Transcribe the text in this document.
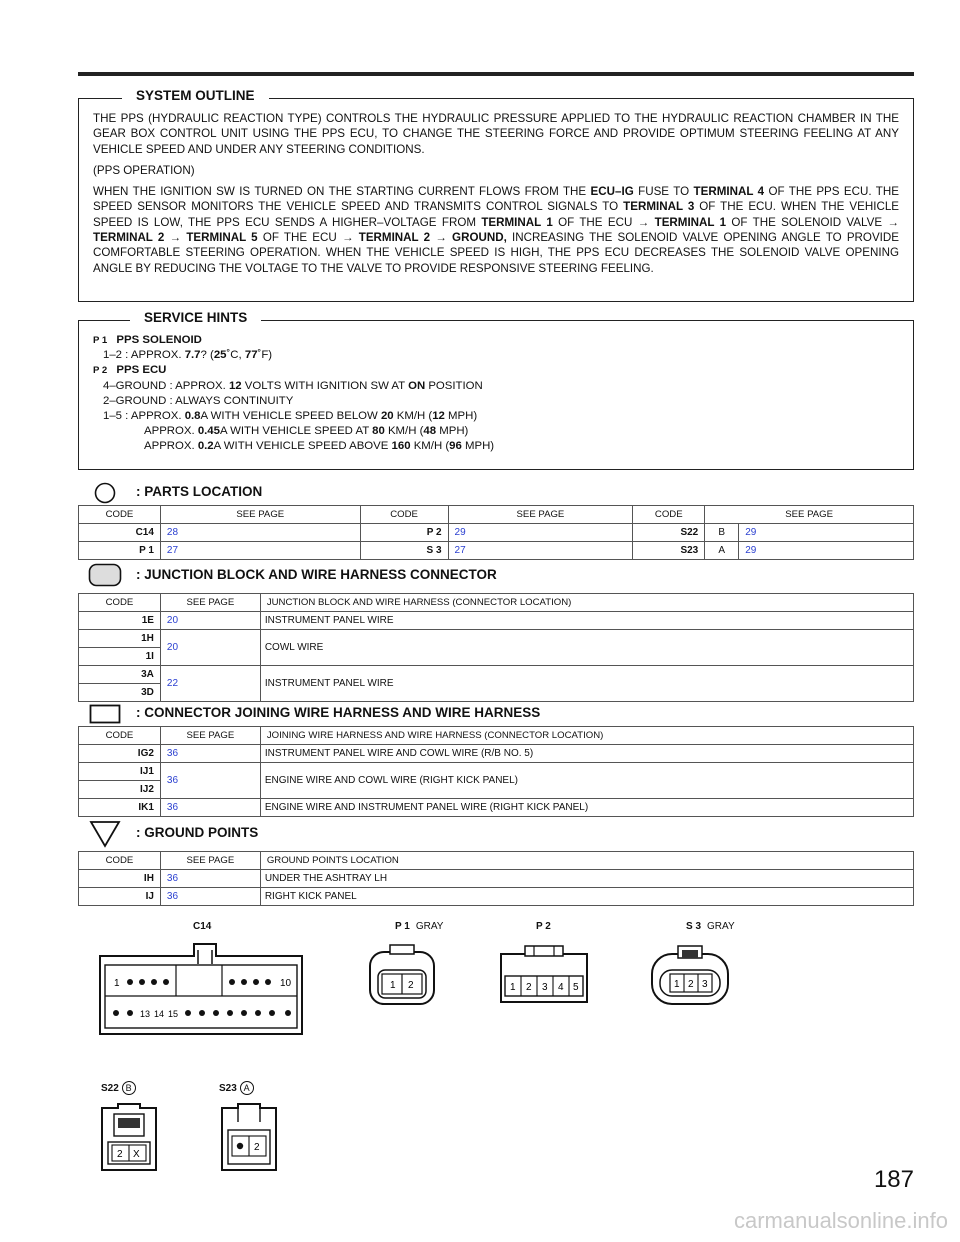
SYSTEM OUTLINE

THE PPS (HYDRAULIC REACTION TYPE) CONTROLS THE HYDRAULIC PRESSURE APPLIED TO THE HYDRAULIC REACTION CHAMBER IN THE GEAR BOX CONTROL UNIT USING THE PPS ECU, TO CHANGE THE STEERING FORCE AND PROVIDE OPTIMUM STEERING FEELING AT ANY VEHICLE SPEED AND UNDER ANY STEERING CONDITIONS.

(PPS OPERATION)

WHEN THE IGNITION SW IS TURNED ON THE STARTING CURRENT FLOWS FROM THE ECU–IG FUSE TO TERMINAL 4 OF THE PPS ECU. THE SPEED SENSOR MONITORS THE VEHICLE SPEED AND TRANSMITS CONTROL SIGNALS TO TERMINAL 3 OF THE ECU. WHEN THE VEHICLE SPEED IS LOW, THE PPS ECU SENDS A HIGHER–VOLTAGE FROM TERMINAL 1 OF THE ECU → TERMINAL 1 OF THE SOLENOID VALVE → TERMINAL 2 → TERMINAL 5 OF THE ECU → TERMINAL 2 → GROUND, INCREASING THE SOLENOID VALVE OPENING ANGLE TO PROVIDE COMFORTABLE STEERING OPERATION. WHEN THE VEHICLE SPEED IS HIGH, THE PPS ECU DECREASES THE SOLENOID VALVE OPENING ANGLE BY REDUCING THE VOLTAGE TO THE VALVE TO PROVIDE RESPONSIVE STEERING FEELING.

SERVICE HINTS
P 1 PPS SOLENOID
1–2 : APPROX. 7.7? (25˚C, 77˚F)
P 2 PPS ECU
4–GROUND : APPROX. 12 VOLTS WITH IGNITION SW AT ON POSITION
2–GROUND : ALWAYS CONTINUITY
1–5 : APPROX. 0.8A WITH VEHICLE SPEED BELOW 20 KM/H (12 MPH)
APPROX. 0.45A WITH VEHICLE SPEED AT 80 KM/H (48 MPH)
APPROX. 0.2A WITH VEHICLE SPEED ABOVE 160 KM/H (96 MPH)
: PARTS LOCATION
CODE	SEE PAGE	CODE	SEE PAGE	CODE	SEE PAGE	
C14	28	P 2	29	S22	B	29
P 1	27	S 3	27	S23	A	29
: JUNCTION BLOCK AND WIRE HARNESS CONNECTOR
CODE	SEE PAGE	JUNCTION BLOCK AND WIRE HARNESS (CONNECTOR LOCATION)
1E	20	INSTRUMENT PANEL WIRE
1H	20	COWL WIRE
1I		
3A	22	INSTRUMENT PANEL WIRE
3D		
: CONNECTOR JOINING WIRE HARNESS AND WIRE HARNESS
CODE	SEE PAGE	JOINING WIRE HARNESS AND WIRE HARNESS (CONNECTOR LOCATION)
IG2	36	INSTRUMENT PANEL WIRE AND COWL WIRE (R/B NO. 5)
IJ1	36	ENGINE WIRE AND COWL WIRE (RIGHT KICK PANEL)
IJ2		
IK1	36	ENGINE WIRE AND INSTRUMENT PANEL WIRE (RIGHT KICK PANEL)
: GROUND POINTS
CODE	SEE PAGE	GROUND POINTS LOCATION
IH	36	UNDER THE ASHTRAY LH
IJ	36	RIGHT KICK PANEL
C14
1	10
13 14 15
P 1 GRAY
1 2
P 2
1 2 3 4 5
S 3 GRAY
1 2 3
S22 B
2 X
S23 A
2
187
carmanualsonline.info
